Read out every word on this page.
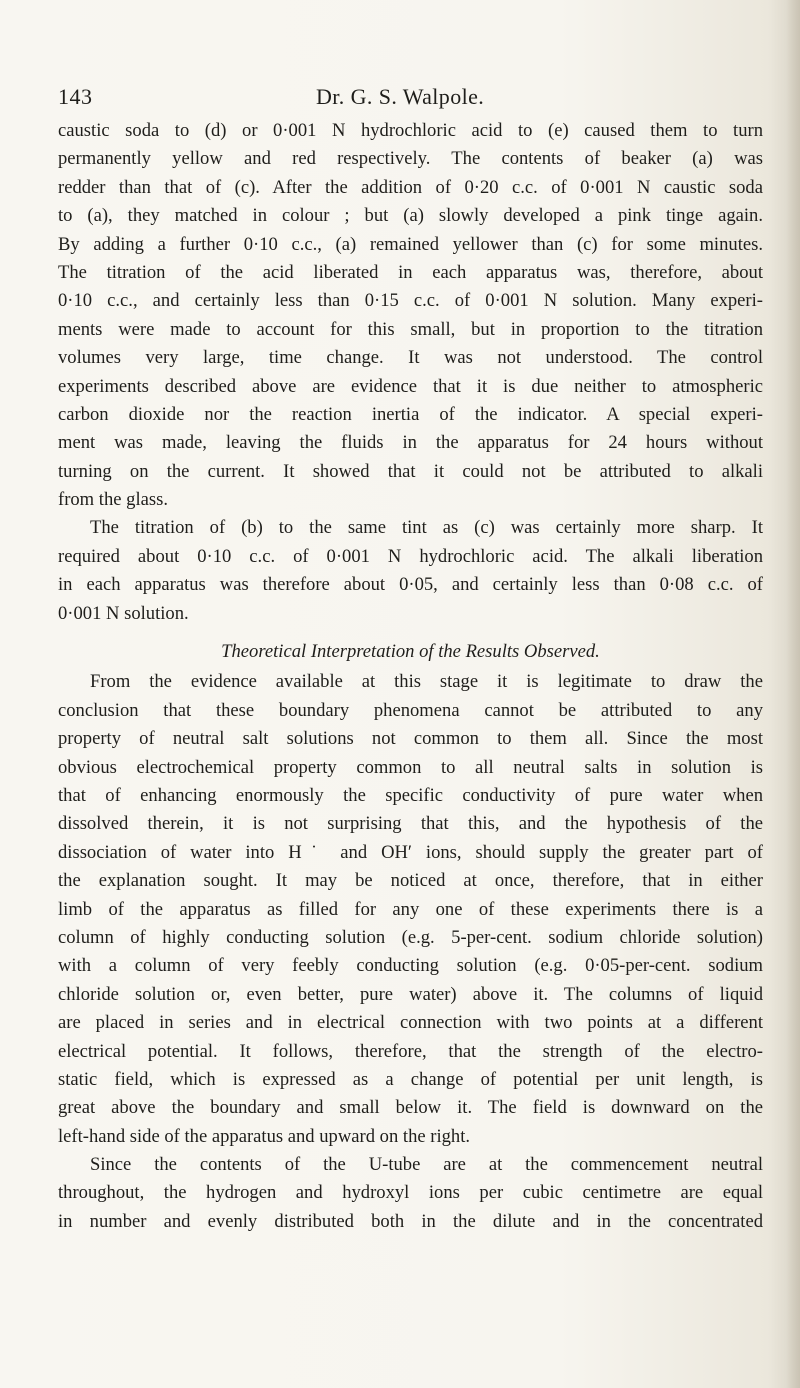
143	Dr. G. S. Walpole.
caustic soda to (d) or 0·001 N hydrochloric acid to (e) caused them to turn
permanently yellow and red respectively. The contents of beaker (a) was
redder than that of (c). After the addition of 0·20 c.c. of 0·001 N caustic soda
to (a), they matched in colour ; but (a) slowly developed a pink tinge again.
By adding a further 0·10 c.c., (a) remained yellower than (c) for some minutes.
The titration of the acid liberated in each apparatus was, therefore, about
0·10 c.c., and certainly less than 0·15 c.c. of 0·001 N solution. Many experi-
ments were made to account for this small, but in proportion to the titration
volumes very large, time change. It was not understood. The control
experiments described above are evidence that it is due neither to atmospheric
carbon dioxide nor the reaction inertia of the indicator. A special experi-
ment was made, leaving the fluids in the apparatus for 24 hours without
turning on the current. It showed that it could not be attributed to alkali
from the glass.
The titration of (b) to the same tint as (c) was certainly more sharp. It
required about 0·10 c.c. of 0·001 N hydrochloric acid. The alkali liberation
in each apparatus was therefore about 0·05, and certainly less than 0·08 c.c. of
0·001 N solution.
Theoretical Interpretation of the Results Observed.
From the evidence available at this stage it is legitimate to draw the
conclusion that these boundary phenomena cannot be attributed to any
property of neutral salt solutions not common to them all. Since the most
obvious electrochemical property common to all neutral salts in solution is
that of enhancing enormously the specific conductivity of pure water when
dissolved therein, it is not surprising that this, and the hypothesis of the
dissociation of water into H˙ and OH′ ions, should supply the greater part of
the explanation sought. It may be noticed at once, therefore, that in either
limb of the apparatus as filled for any one of these experiments there is a
column of highly conducting solution (e.g. 5-per-cent. sodium chloride solution)
with a column of very feebly conducting solution (e.g. 0·05-per-cent. sodium
chloride solution or, even better, pure water) above it. The columns of liquid
are placed in series and in electrical connection with two points at a different
electrical potential. It follows, therefore, that the strength of the electro-
static field, which is expressed as a change of potential per unit length, is
great above the boundary and small below it. The field is downward on the
left-hand side of the apparatus and upward on the right.
Since the contents of the U-tube are at the commencement neutral
throughout, the hydrogen and hydroxyl ions per cubic centimetre are equal
in number and evenly distributed both in the dilute and in the concentrated
